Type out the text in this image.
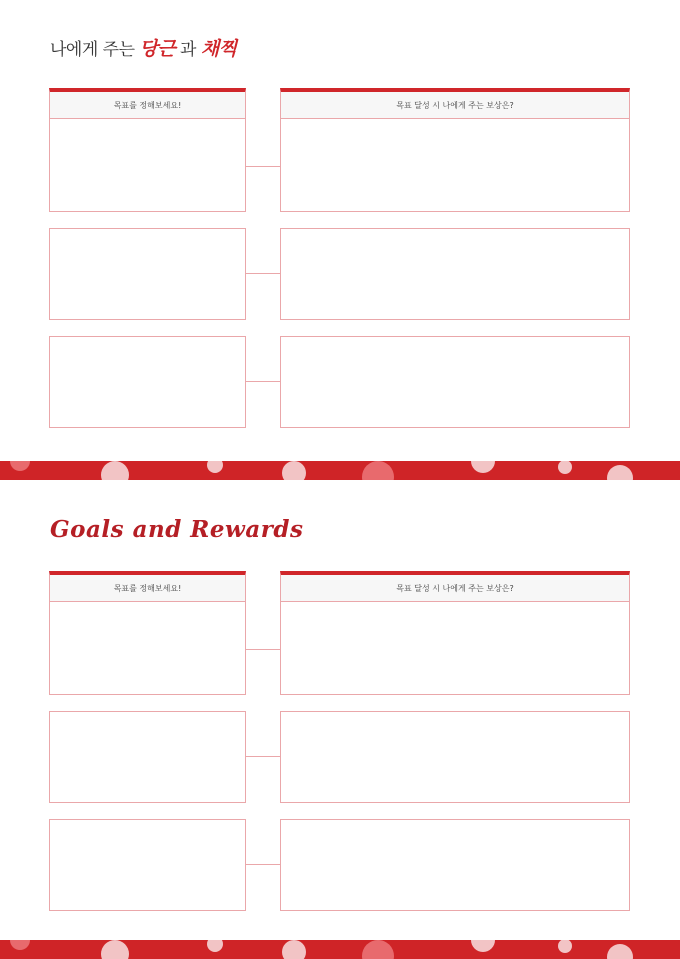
나에게 주는 당근 과 채찍
목표를 정해보세요!	목표 달성 시 나에게 주는 보상은?
Goals and Rewards
목표를 정해보세요!	목표 달성 시 나에게 주는 보상은?
